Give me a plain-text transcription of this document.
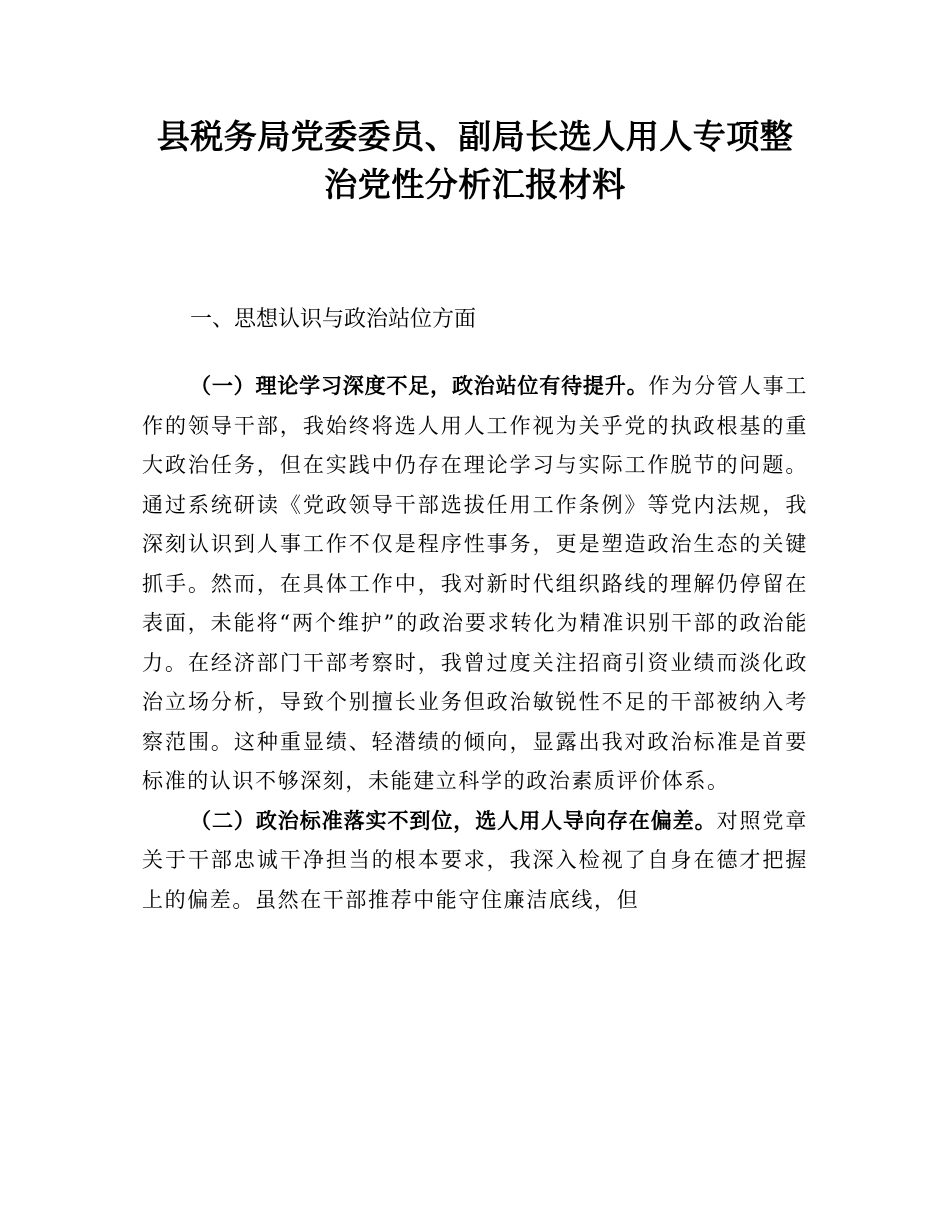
县税务局党委委员、副局长选人用人专项整
治党性分析汇报材料
一、思想认识与政治站位方面

（一）理论学习深度不足，政治站位有待提升。作为分管人事工作的领导干部，我始终将选人用人工作视为关乎党的执政根基的重大政治任务，但在实践中仍存在理论学习与实际工作脱节的问题。通过系统研读《党政领导干部选拔任用工作条例》等党内法规，我深刻认识到人事工作不仅是程序性事务，更是塑造政治生态的关键抓手。然而，在具体工作中，我对新时代组织路线的理解仍停留在表面，未能将“两个维护”的政治要求转化为精准识别干部的政治能力。在经济部门干部考察时，我曾过度关注招商引资业绩而淡化政治立场分析，导致个别擅长业务但政治敏锐性不足的干部被纳入考察范围。这种重显绩、轻潜绩的倾向，显露出我对政治标准是首要标准的认识不够深刻，未能建立科学的政治素质评价体系。

（二）政治标准落实不到位，选人用人导向存在偏差。对照党章关于干部忠诚干净担当的根本要求，我深入检视了自身在德才把握上的偏差。虽然在干部推荐中能守住廉洁底线，但
